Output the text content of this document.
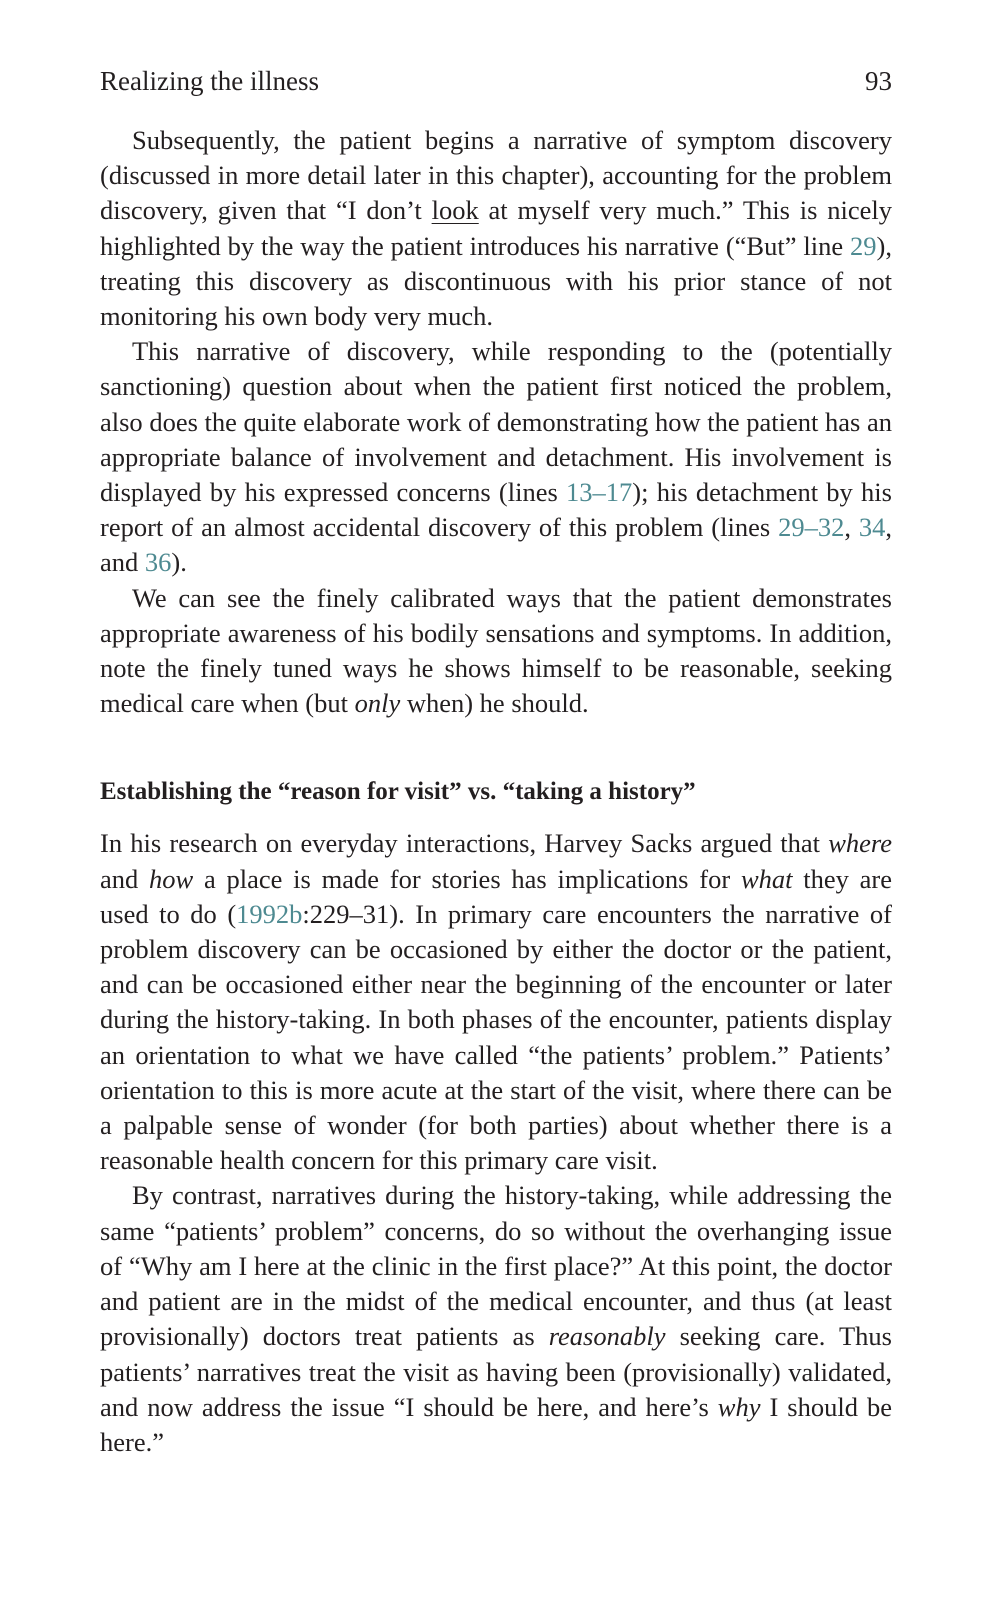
Realizing the illness	93

Subsequently, the patient begins a narrative of symptom discovery (discussed in more detail later in this chapter), accounting for the problem discovery, given that “I don’t look at myself very much.” This is nicely highlighted by the way the patient introduces his narrative (“But” line 29), treating this discovery as discontinuous with his prior stance of not monitoring his own body very much.

This narrative of discovery, while responding to the (potentially sanctioning) question about when the patient first noticed the problem, also does the quite elaborate work of demonstrating how the patient has an appropriate balance of involvement and detachment. His involvement is displayed by his expressed concerns (lines 13–17); his detachment by his report of an almost accidental discovery of this problem (lines 29–32, 34, and 36).

We can see the finely calibrated ways that the patient demonstrates appropriate awareness of his bodily sensations and symptoms. In addition, note the finely tuned ways he shows himself to be reasonable, seeking medical care when (but only when) he should.

Establishing the “reason for visit” vs. “taking a history”

In his research on everyday interactions, Harvey Sacks argued that where and how a place is made for stories has implications for what they are used to do (1992b:229–31). In primary care encounters the narrative of problem discovery can be occasioned by either the doctor or the patient, and can be occasioned either near the beginning of the encounter or later during the history-taking. In both phases of the encounter, patients display an orientation to what we have called “the patients’ problem.” Patients’ orientation to this is more acute at the start of the visit, where there can be a palpable sense of wonder (for both parties) about whether there is a reasonable health concern for this primary care visit.

By contrast, narratives during the history-taking, while addressing the same “patients’ problem” concerns, do so without the overhanging issue of “Why am I here at the clinic in the first place?” At this point, the doctor and patient are in the midst of the medical encounter, and thus (at least provisionally) doctors treat patients as reasonably seeking care. Thus patients’ narratives treat the visit as having been (provisionally) validated, and now address the issue “I should be here, and here’s why I should be here.”
